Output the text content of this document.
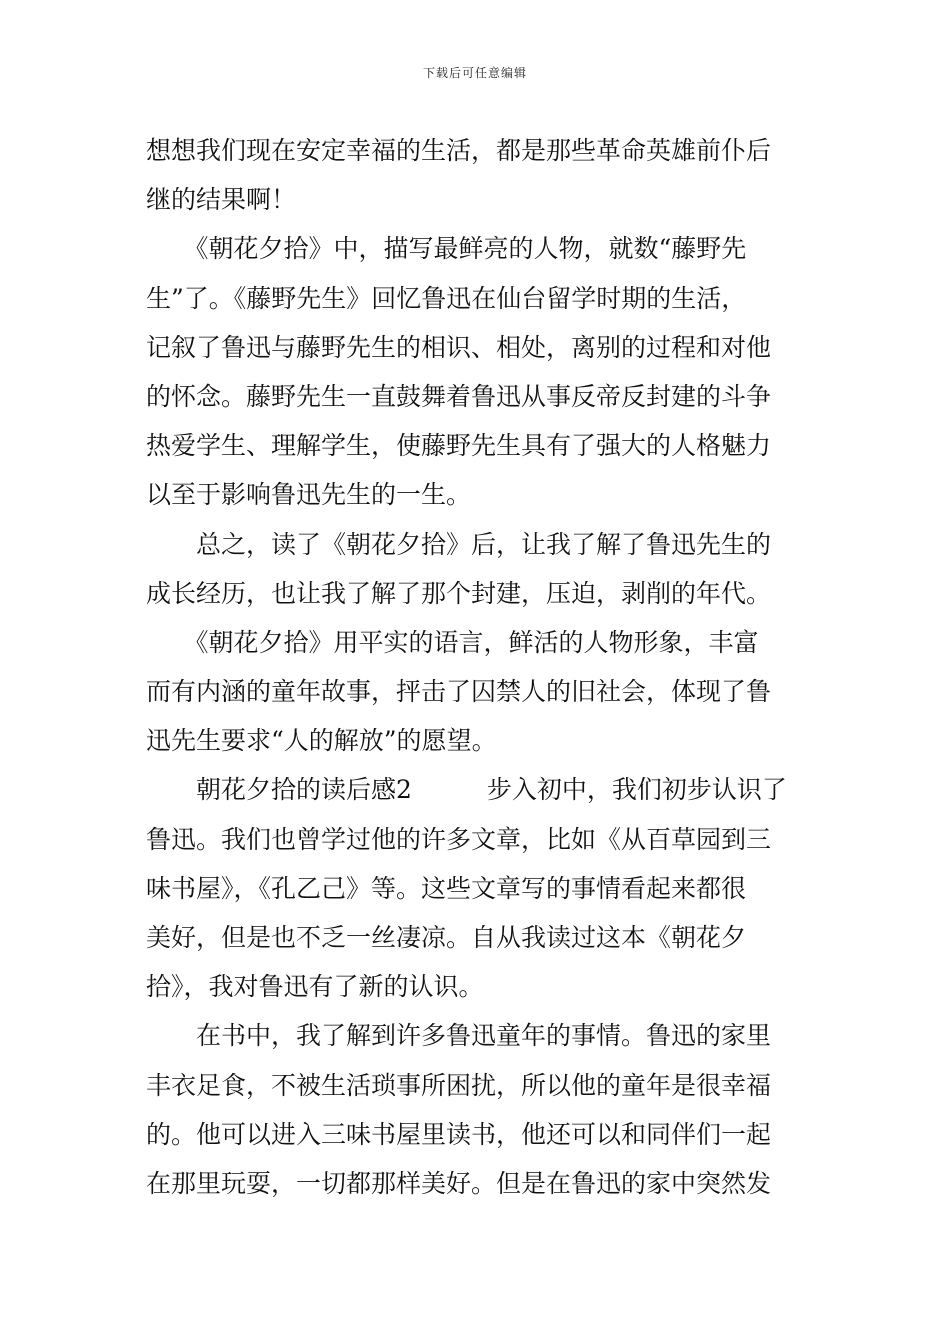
下载后可任意编辑
想想我们现在安定幸福的生活，都是那些革命英雄前仆后
继的结果啊！
　　《朝花夕拾》中，描写最鲜亮的人物，就数“藤野先
生”了。《藤野先生》回忆鲁迅在仙台留学时期的生活，
记叙了鲁迅与藤野先生的相识、相处，离别的过程和对他
的怀念。藤野先生一直鼓舞着鲁迅从事反帝反封建的斗争
热爱学生、理解学生，使藤野先生具有了强大的人格魅力
以至于影响鲁迅先生的一生。
　　总之，读了《朝花夕拾》后，让我了解了鲁迅先生的
成长经历，也让我了解了那个封建，压迫，剥削的年代。
　　《朝花夕拾》用平实的语言，鲜活的人物形象，丰富
而有内涵的童年故事，抨击了囚禁人的旧社会，体现了鲁
迅先生要求“人的解放”的愿望。
　　朝花夕拾的读后感2　　　步入初中，我们初步认识了
鲁迅。我们也曾学过他的许多文章，比如《从百草园到三
味书屋》，《孔乙己》等。这些文章写的事情看起来都很
美好，但是也不乏一丝凄凉。自从我读过这本《朝花夕
拾》，我对鲁迅有了新的认识。
　　在书中，我了解到许多鲁迅童年的事情。鲁迅的家里
丰衣足食，不被生活琐事所困扰，所以他的童年是很幸福
的。他可以进入三味书屋里读书，他还可以和同伴们一起
在那里玩耍，一切都那样美好。但是在鲁迅的家中突然发
